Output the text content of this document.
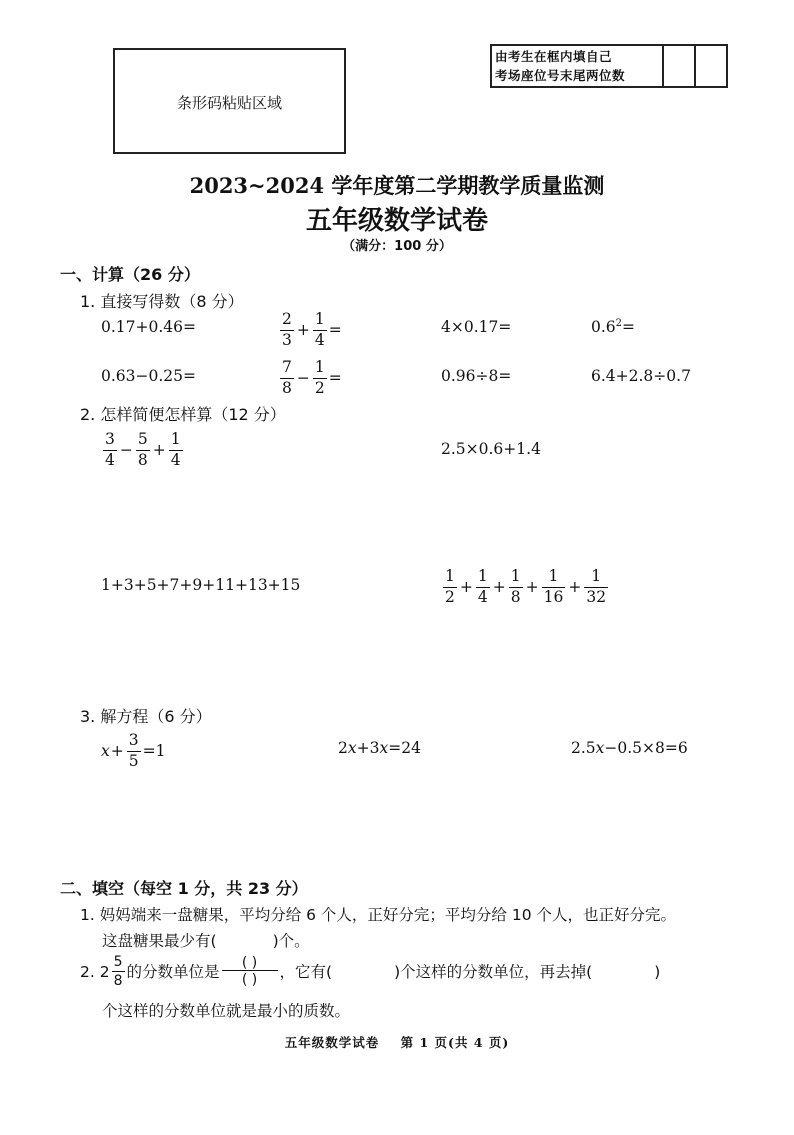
条形码粘贴区域
由考生在框内填自己
考场座位号末尾两位数
2023~2024 学年度第二学期教学质量监测
五年级数学试卷
（满分：100 分）
一、计算（26 分）
1. 直接写得数（8 分）
0.17+0.46=	$\frac{2}{3} + \frac{1}{4}$ =	4×0.17=	$0.6^2$ =
0.63−0.25=	$\frac{7}{8} - \frac{1}{2}$ =	0.96÷8=	6.4+2.8÷0.7
2. 怎样简便怎样算（12 分）
$\frac{3}{4} - \frac{5}{8} + \frac{1}{4}$	2.5×0.6+1.4
1+3+5+7+9+11+13+15	$\frac{1}{2} + \frac{1}{4} + \frac{1}{8} + \frac{1}{16} + \frac{1}{32}$
3. 解方程（6 分）
$x + \frac{3}{5} =1$	2 x +3 x =24	2.5 x −0.5×8=6
二、填空（每空 1 分，共 23 分）
1. 妈妈端来一盘糖果，平均分给 6 个人，正好分完；平均分给 10 个人，也正好分完。
这盘糖果最少有(	)个。
2. $2 \frac{5}{8}$ 的分数单位是 $\frac{( )}{( )}$ ，它有(	)个这样的分数单位，再去掉(	)
个这样的分数单位就是最小的质数。
五年级数学试卷    第 1 页(共 4 页)
